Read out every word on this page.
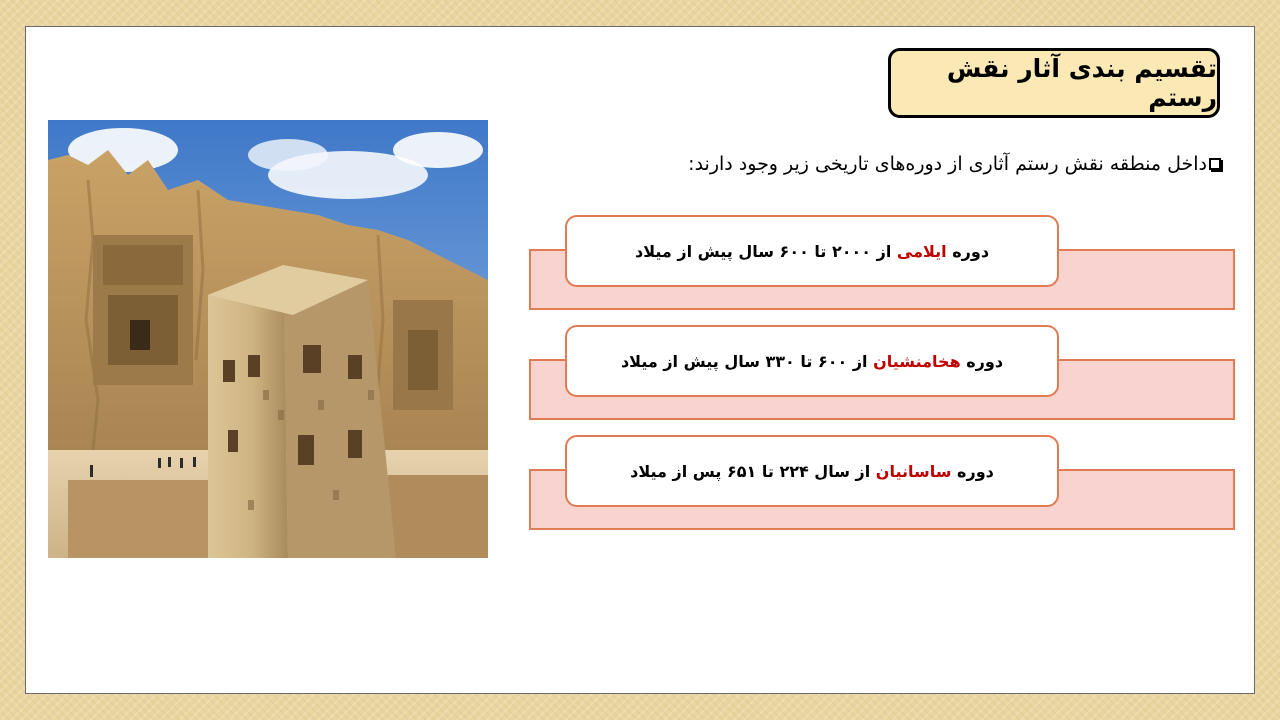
تقسیم بندی آثار نقش رستم
داخل منطقه نقش رستم آثاری از دوره‌های تاریخی زیر وجود دارند:
دوره

ایلامی

از ۲۰۰۰ تا ۶۰۰ سال پیش از میلاد
دوره

هخامنشیان

از ۶۰۰ تا ۳۳۰ سال پیش از میلاد
دوره

ساسانیان

از سال ۲۲۴ تا ۶۵۱ پس از میلاد
